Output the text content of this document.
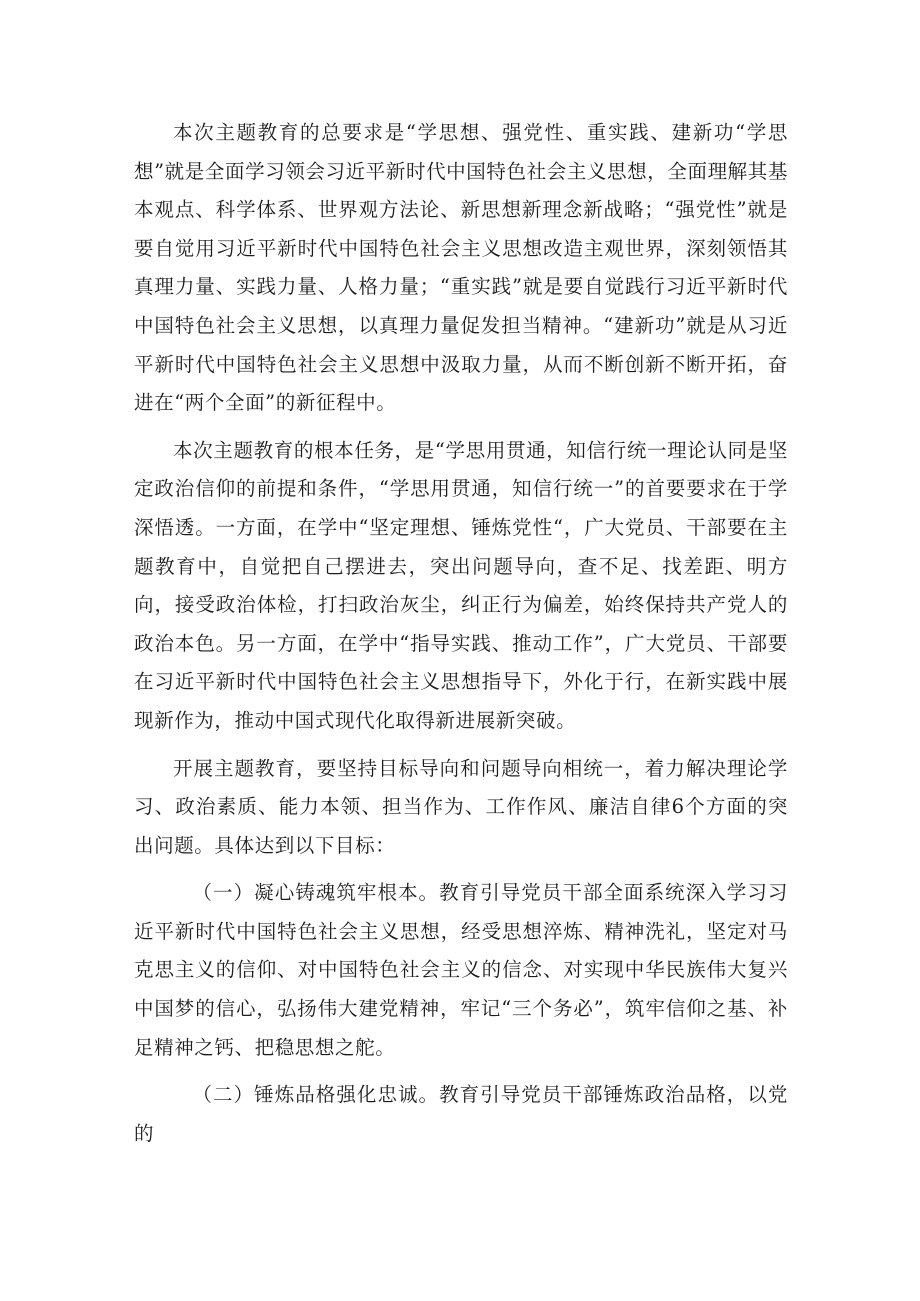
本次主题教育的总要求是“学思想、强党性、重实践、建新功“学思想”就是全面学习领会习近平新时代中国特色社会主义思想，全面理解其基本观点、科学体系、世界观方法论、新思想新理念新战略；“强党性”就是要自觉用习近平新时代中国特色社会主义思想改造主观世界，深刻领悟其真理力量、实践力量、人格力量；“重实践”就是要自觉践行习近平新时代中国特色社会主义思想，以真理力量促发担当精神。“建新功”就是从习近平新时代中国特色社会主义思想中汲取力量，从而不断创新不断开拓，奋进在“两个全面”的新征程中。

本次主题教育的根本任务，是“学思用贯通，知信行统一理论认同是坚定政治信仰的前提和条件，“学思用贯通，知信行统一”的首要要求在于学深悟透。一方面，在学中“坚定理想、锤炼党性“，广大党员、干部要在主题教育中，自觉把自己摆进去，突出问题导向，查不足、找差距、明方向，接受政治体检，打扫政治灰尘，纠正行为偏差，始终保持共产党人的政治本色。另一方面，在学中“指导实践、推动工作”，广大党员、干部要在习近平新时代中国特色社会主义思想指导下，外化于行，在新实践中展现新作为，推动中国式现代化取得新进展新突破。

开展主题教育，要坚持目标导向和问题导向相统一，着力解决理论学习、政治素质、能力本领、担当作为、工作作风、廉洁自律6个方面的突出问题。具体达到以下目标：

（一）凝心铸魂筑牢根本。教育引导党员干部全面系统深入学习习近平新时代中国特色社会主义思想，经受思想淬炼、精神洗礼，坚定对马克思主义的信仰、对中国特色社会主义的信念、对实现中华民族伟大复兴中国梦的信心，弘扬伟大建党精神，牢记“三个务必”，筑牢信仰之基、补足精神之钙、把稳思想之舵。

（二）锤炼品格强化忠诚。教育引导党员干部锤炼政治品格，以党的
